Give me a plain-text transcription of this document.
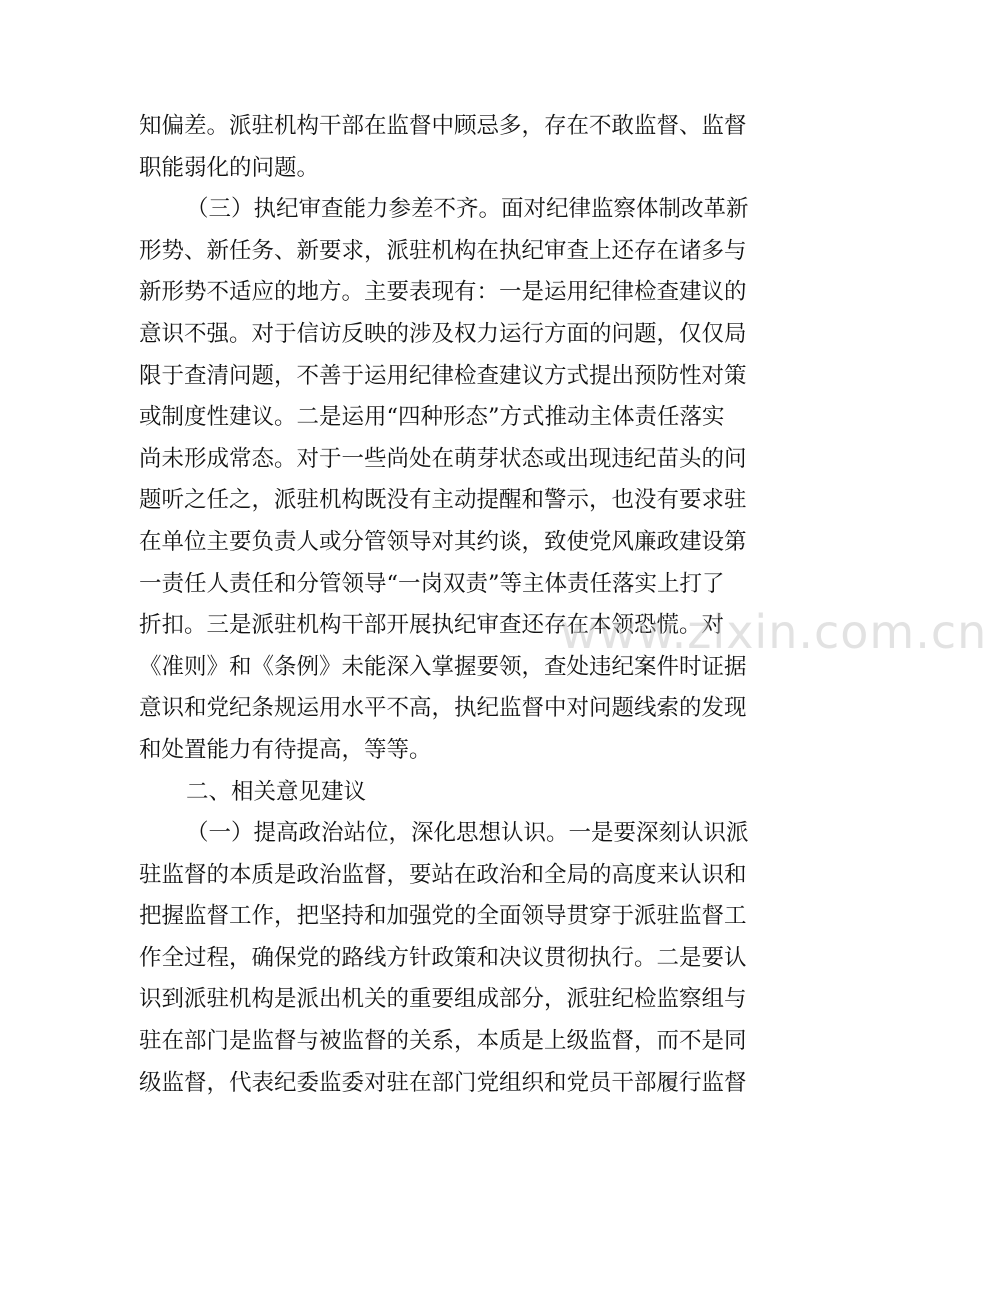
知偏差。派驻机构干部在监督中顾忌多，存在不敢监督、监督
职能弱化的问题。
（三）执纪审查能力参差不齐。面对纪律监察体制改革新
形势、新任务、新要求，派驻机构在执纪审查上还存在诸多与
新形势不适应的地方。主要表现有：一是运用纪律检查建议的
意识不强。对于信访反映的涉及权力运行方面的问题，仅仅局
限于查清问题，不善于运用纪律检查建议方式提出预防性对策
或制度性建议。二是运用“四种形态”方式推动主体责任落实
尚未形成常态。对于一些尚处在萌芽状态或出现违纪苗头的问
题听之任之，派驻机构既没有主动提醒和警示，也没有要求驻
在单位主要负责人或分管领导对其约谈，致使党风廉政建设第
一责任人责任和分管领导“一岗双责”等主体责任落实上打了
折扣。三是派驻机构干部开展执纪审查还存在本领恐慌。对
《准则》和《条例》未能深入掌握要领，查处违纪案件时证据
意识和党纪条规运用水平不高，执纪监督中对问题线索的发现
和处置能力有待提高，等等。
二、相关意见建议
（一）提高政治站位，深化思想认识。一是要深刻认识派
驻监督的本质是政治监督，要站在政治和全局的高度来认识和
把握监督工作，把坚持和加强党的全面领导贯穿于派驻监督工
作全过程，确保党的路线方针政策和决议贯彻执行。二是要认
识到派驻机构是派出机关的重要组成部分，派驻纪检监察组与
驻在部门是监督与被监督的关系，本质是上级监督，而不是同
级监督，代表纪委监委对驻在部门党组织和党员干部履行监督
www.zixin.com.cn
